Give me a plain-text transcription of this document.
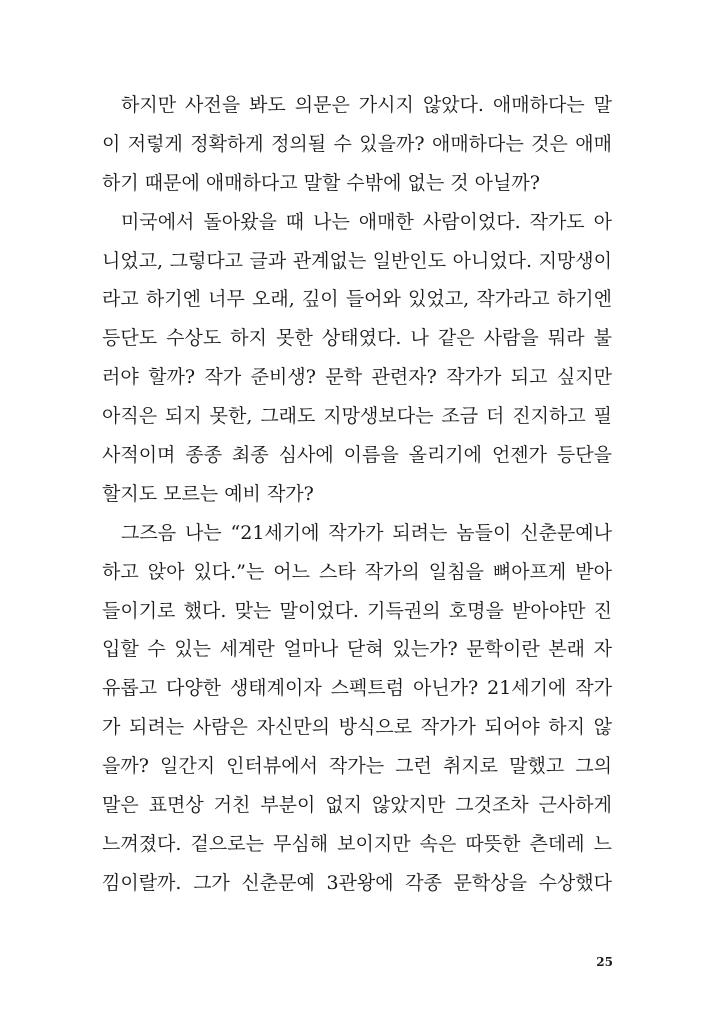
하지만 사전을 봐도 의문은 가시지 않았다. 애매하다는 말
이 저렇게 정확하게 정의될 수 있을까? 애매하다는 것은 애매
하기 때문에 애매하다고 말할 수밖에 없는 것 아닐까?
미국에서 돌아왔을 때 나는 애매한 사람이었다. 작가도 아
니었고, 그렇다고 글과 관계없는 일반인도 아니었다. 지망생이
라고 하기엔 너무 오래, 깊이 들어와 있었고, 작가라고 하기엔
등단도 수상도 하지 못한 상태였다. 나 같은 사람을 뭐라 불
러야 할까? 작가 준비생? 문학 관련자? 작가가 되고 싶지만
아직은 되지 못한, 그래도 지망생보다는 조금 더 진지하고 필
사적이며 종종 최종 심사에 이름을 올리기에 언젠가 등단을
할지도 모르는 예비 작가?
그즈음 나는 “21세기에 작가가 되려는 놈들이 신춘문예나
하고 앉아 있다.”는 어느 스타 작가의 일침을 뼈아프게 받아
들이기로 했다. 맞는 말이었다. 기득권의 호명을 받아야만 진
입할 수 있는 세계란 얼마나 닫혀 있는가? 문학이란 본래 자
유롭고 다양한 생태계이자 스펙트럼 아닌가? 21세기에 작가
가 되려는 사람은 자신만의 방식으로 작가가 되어야 하지 않
을까? 일간지 인터뷰에서 작가는 그런 취지로 말했고 그의
말은 표면상 거친 부분이 없지 않았지만 그것조차 근사하게
느껴졌다. 겉으로는 무심해 보이지만 속은 따뜻한 츤데레 느
낌이랄까. 그가 신춘문예 3관왕에 각종 문학상을 수상했다
25
